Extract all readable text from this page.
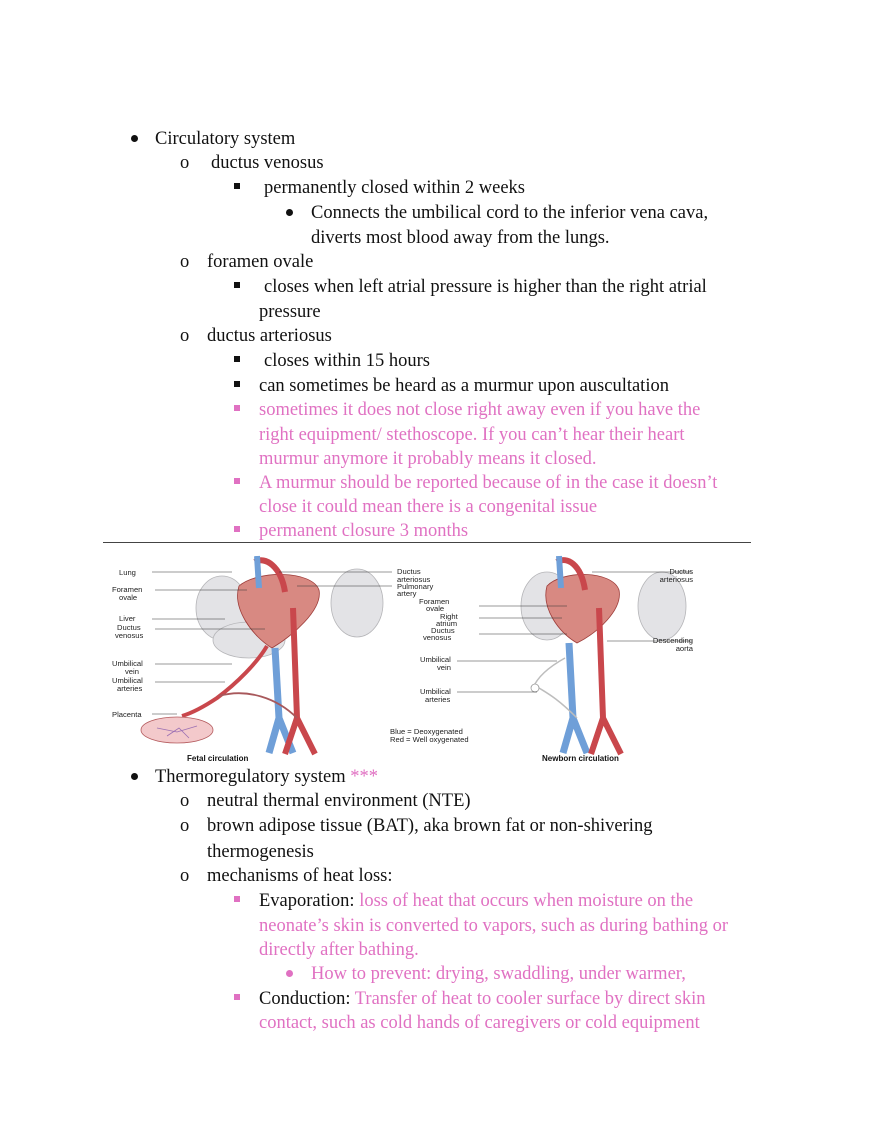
Circulatory system
o ductus venosus
permanently closed within 2 weeks
Connects the umbilical cord to the inferior vena cava,
diverts most blood away from the lungs.
o foramen ovale
closes when left atrial pressure is higher than the right atrial
pressure
o ductus arteriosus
closes within 15 hours
can sometimes be heard as a murmur upon auscultation
sometimes it does not close right away even if you have the
right equipment/ stethoscope. If you can’t hear their heart
murmur anymore it probably means it closed.
A murmur should be reported because of in the case it doesn’t
close it could mean there is a congenital issue
permanent closure 3 months
Lung
Foramen
ovale
Liver
Ductus
venosus
Umbilical
vein
Umbilical
arteries
Placenta
Ductus
arteriosus
Pulmonary
artery
Fetal circulation
Foramen
ovale
Right
atrium
Ductus
venosus
Umbilical
vein
Umbilical
arteries
Ductus
arteriosus
Descending
aorta
Blue = Deoxygenated
Red = Well oxygenated
Newborn circulation
Thermoregulatory system ***
o neutral thermal environment (NTE)
o brown adipose tissue (BAT), aka brown fat or non-shivering
thermogenesis
o mechanisms of heat loss:
Evaporation: loss of heat that occurs when moisture on the
neonate’s skin is converted to vapors, such as during bathing or
directly after bathing.
How to prevent: drying, swaddling, under warmer,
Conduction: Transfer of heat to cooler surface by direct skin
contact, such as cold hands of caregivers or cold equipment
